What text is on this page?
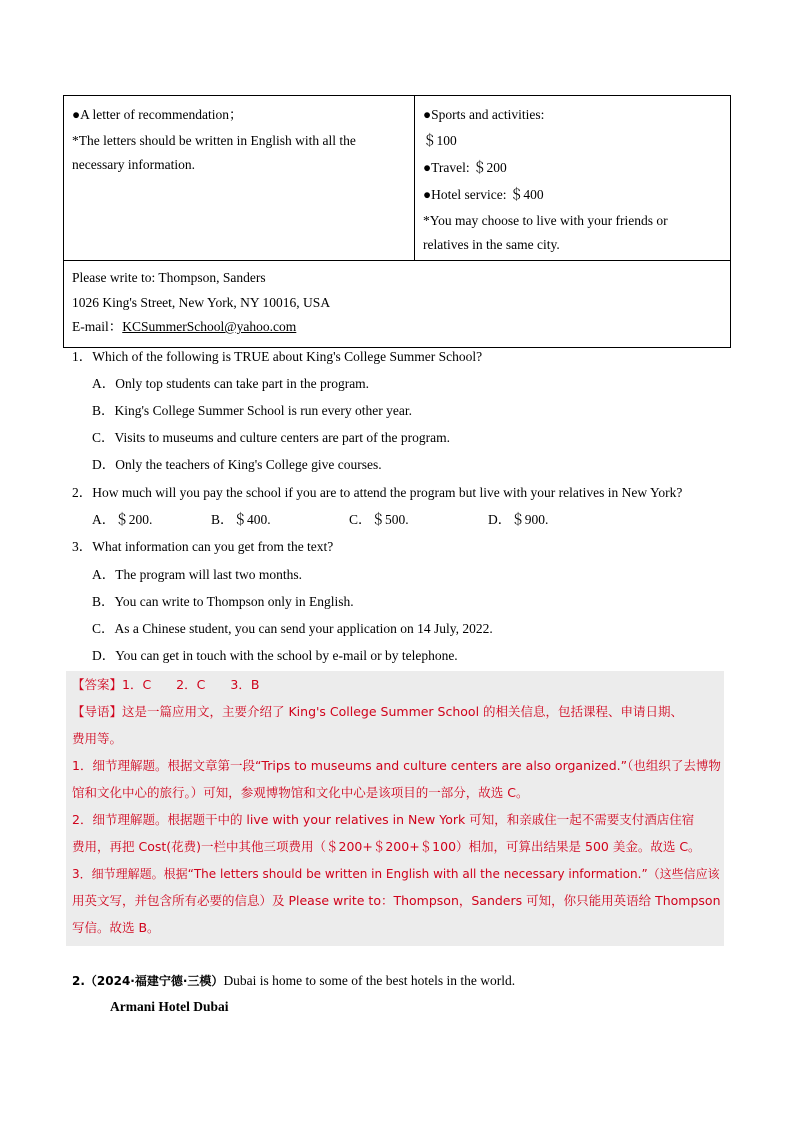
●A letter of recommendation；
*The letters should be written in English with all the
necessary information.
●Sports and activities:
＄100
●Travel: ＄200
●Hotel service: ＄400
*You may choose to live with your friends or
relatives in the same city.
Please write to: Thompson, Sanders
1026 King's Street, New York, NY 10016, USA
E-mail：KCSummerSchool@yahoo.com
1．Which of the following is TRUE about King's College Summer School?
A．Only top students can take part in the program.
B．King's College Summer School is run every other year.
C．Visits to museums and culture centers are part of the program.
D．Only the teachers of King's College give courses.
2．How much will you pay the school if you are to attend the program but live with your relatives in New York?
A．＄200.	B．＄400.	C．＄500.	D．＄900.
3．What information can you get from the text?
A．The program will last two months.
B．You can write to Thompson only in English.
C．As a Chinese student, you can send your application on 14 July, 2022.
D．You can get in touch with the school by e-mail or by telephone.
【答案】1．C　　2．C　　3．B
【导语】这是一篇应用文，主要介绍了 King's College Summer School 的相关信息，包括课程、申请日期、
费用等。
1．细节理解题。根据文章第一段“Trips to museums and culture centers are also organized.”（也组织了去博物
馆和文化中心的旅行。）可知，参观博物馆和文化中心是该项目的一部分，故选 C。
2．细节理解题。根据题干中的 live with your relatives in New York 可知，和亲戚住一起不需要支付酒店住宿
费用，再把 Cost(花费)一栏中其他三项费用（＄200+＄200+＄100）相加，可算出结果是 500 美金。故选 C。
3．细节理解题。根据“The letters should be written in English with all the necessary information.”（这些信应该
用英文写，并包含所有必要的信息）及 Please write to：Thompson，Sanders 可知，你只能用英语给 Thompson
写信。故选 B。
2.（2024·福建宁德·三模）Dubai is home to some of the best hotels in the world.
Armani Hotel Dubai
